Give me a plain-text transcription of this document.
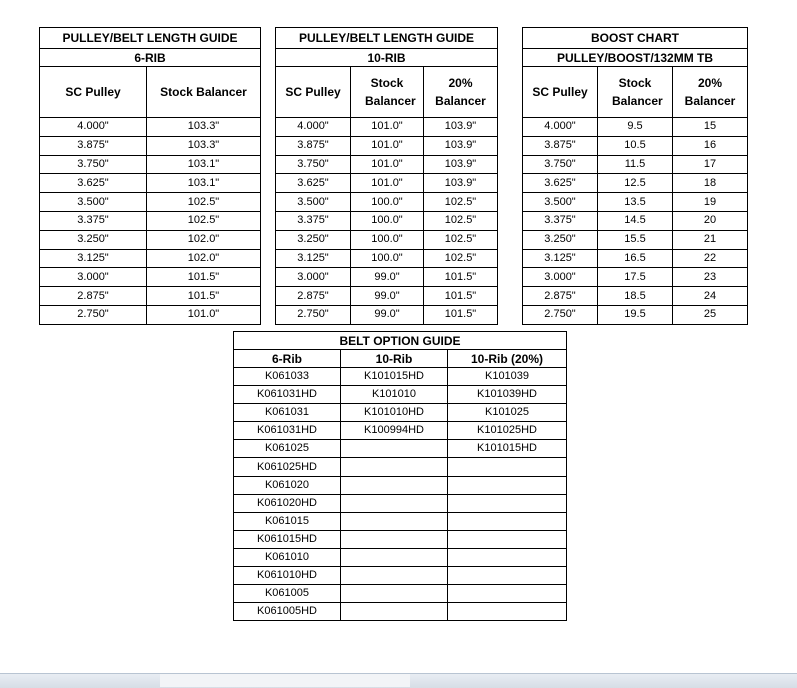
PULLEY/BELT LENGTH GUIDE	
6-RIB	
SC Pulley	Stock Balancer
4.000"	103.3"
3.875"	103.3"
3.750"	103.1"
3.625"	103.1"
3.500"	102.5"
3.375"	102.5"
3.250"	102.0"
3.125"	102.0"
3.000"	101.5"
2.875"	101.5"
2.750"	101.0"
PULLEY/BELT LENGTH GUIDE		
10-RIB		
SC Pulley	Stock Balancer	20% Balancer
4.000"	101.0"	103.9"
3.875"	101.0"	103.9"
3.750"	101.0"	103.9"
3.625"	101.0"	103.9"
3.500"	100.0"	102.5"
3.375"	100.0"	102.5"
3.250"	100.0"	102.5"
3.125"	100.0"	102.5"
3.000"	99.0"	101.5"
2.875"	99.0"	101.5"
2.750"	99.0"	101.5"
BOOST CHART		
PULLEY/BOOST/132MM TB		
SC Pulley	Stock Balancer	20% Balancer
4.000"	9.5	15
3.875"	10.5	16
3.750"	11.5	17
3.625"	12.5	18
3.500"	13.5	19
3.375"	14.5	20
3.250"	15.5	21
3.125"	16.5	22
3.000"	17.5	23
2.875"	18.5	24
2.750"	19.5	25
BELT OPTION GUIDE		
6-Rib	10-Rib	10-Rib (20%)
K061033	K101015HD	K101039
K061031HD	K101010	K101039HD
K061031	K101010HD	K101025
K061031HD	K100994HD	K101025HD
K061025		K101015HD
K061025HD		
K061020		
K061020HD		
K061015		
K061015HD		
K061010		
K061010HD		
K061005		
K061005HD		
